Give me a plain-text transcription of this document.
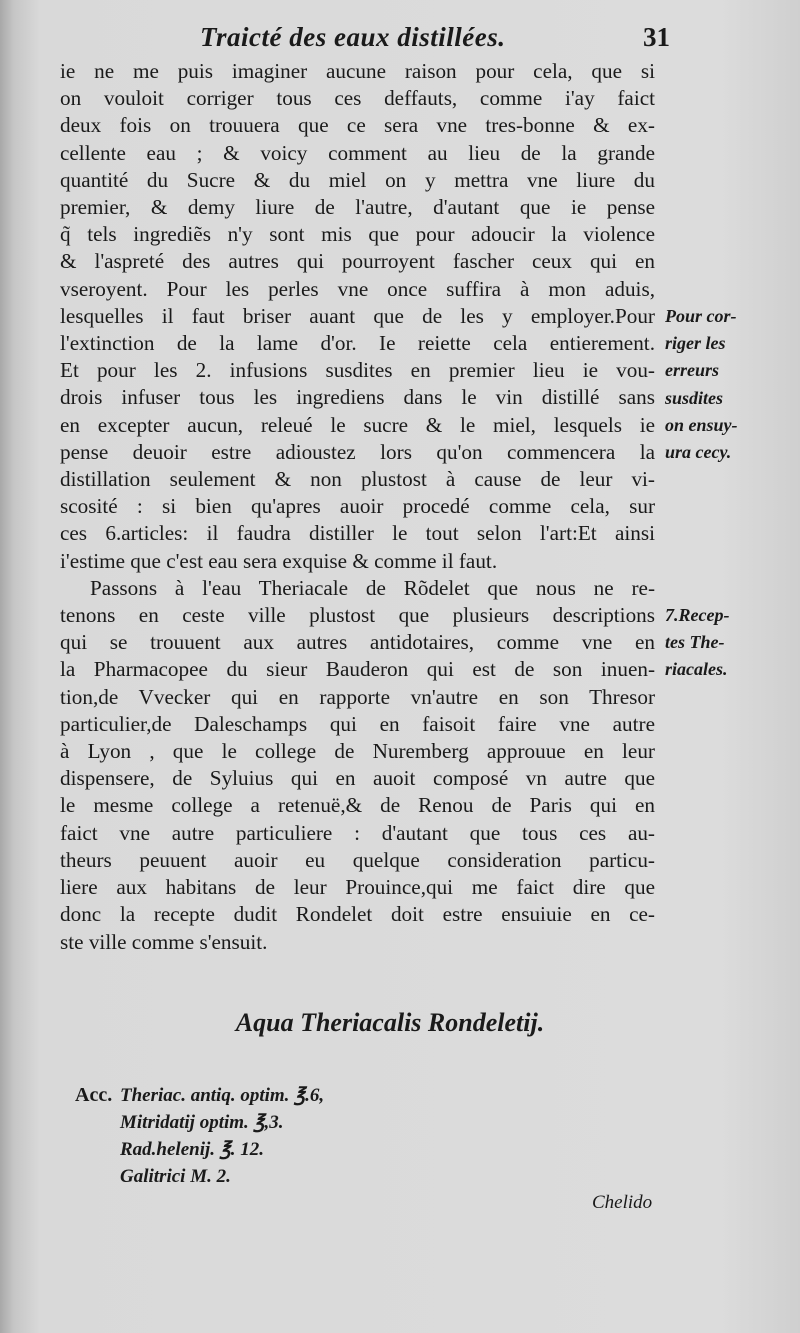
Traicté des eaux distillées.	31
ie ne me puis imaginer aucune raison pour cela, que si
on vouloit corriger tous ces deffauts, comme i'ay faict
deux fois on trouuera que ce sera vne tres-bonne & ex-
cellente eau ; & voicy comment au lieu de la grande
quantité du Sucre & du miel on y mettra vne liure du
premier, & demy liure de l'autre, d'autant que ie pense
q̃ tels ingrediẽs n'y sont mis que pour adoucir la violence
& l'aspreté des autres qui pourroyent fascher ceux qui en
vseroyent. Pour les perles vne once suffira à mon aduis,
lesquelles il faut briser auant que de les y employer.Pour
l'extinction de la lame d'or. Ie reiette cela entierement.
Et pour les 2. infusions susdites en premier lieu ie vou-
drois infuser tous les ingrediens dans le vin distillé sans
en excepter aucun, releué le sucre & le miel, lesquels ie
pense deuoir estre adioustez lors qu'on commencera la
distillation seulement & non plustost à cause de leur vi-
scosité : si bien qu'apres auoir procedé comme cela, sur
ces 6.articles: il faudra distiller le tout selon l'art:Et ainsi
i'estime que c'est eau sera exquise & comme il faut.
Passons à l'eau Theriacale de Rõdelet que nous ne re-
tenons en ceste ville plustost que plusieurs descriptions
qui se trouuent aux autres antidotaires, comme vne en
la Pharmacopee du sieur Bauderon qui est de son inuen-
tion,de Vvecker qui en rapporte vn'autre en son Thresor
particulier,de Daleschamps qui en faisoit faire vne autre
à Lyon , que le college de Nuremberg approuue en leur
dispensere, de Syluius qui en auoit composé vn autre que
le mesme college a retenuë,& de Renou de Paris qui en
faict vne autre particuliere : d'autant que tous ces au-
theurs peuuent auoir eu quelque consideration particu-
liere aux habitans de leur Prouince,qui me faict dire que
donc la recepte dudit Rondelet doit estre ensuiuie en ce-
ste ville comme s'ensuit.
Pour cor-
riger les
erreurs
susdites
on ensuy-
ura cecy.
7.Recep-
tes The-
riacales.
Aqua Theriacalis Rondeletij.
Acc. Theriac. antiq. optim. ℥.6,
Mitridatij optim. ℥,3.
Rad.helenij. ℥. 12.
Galitrici M. 2.
Chelido
